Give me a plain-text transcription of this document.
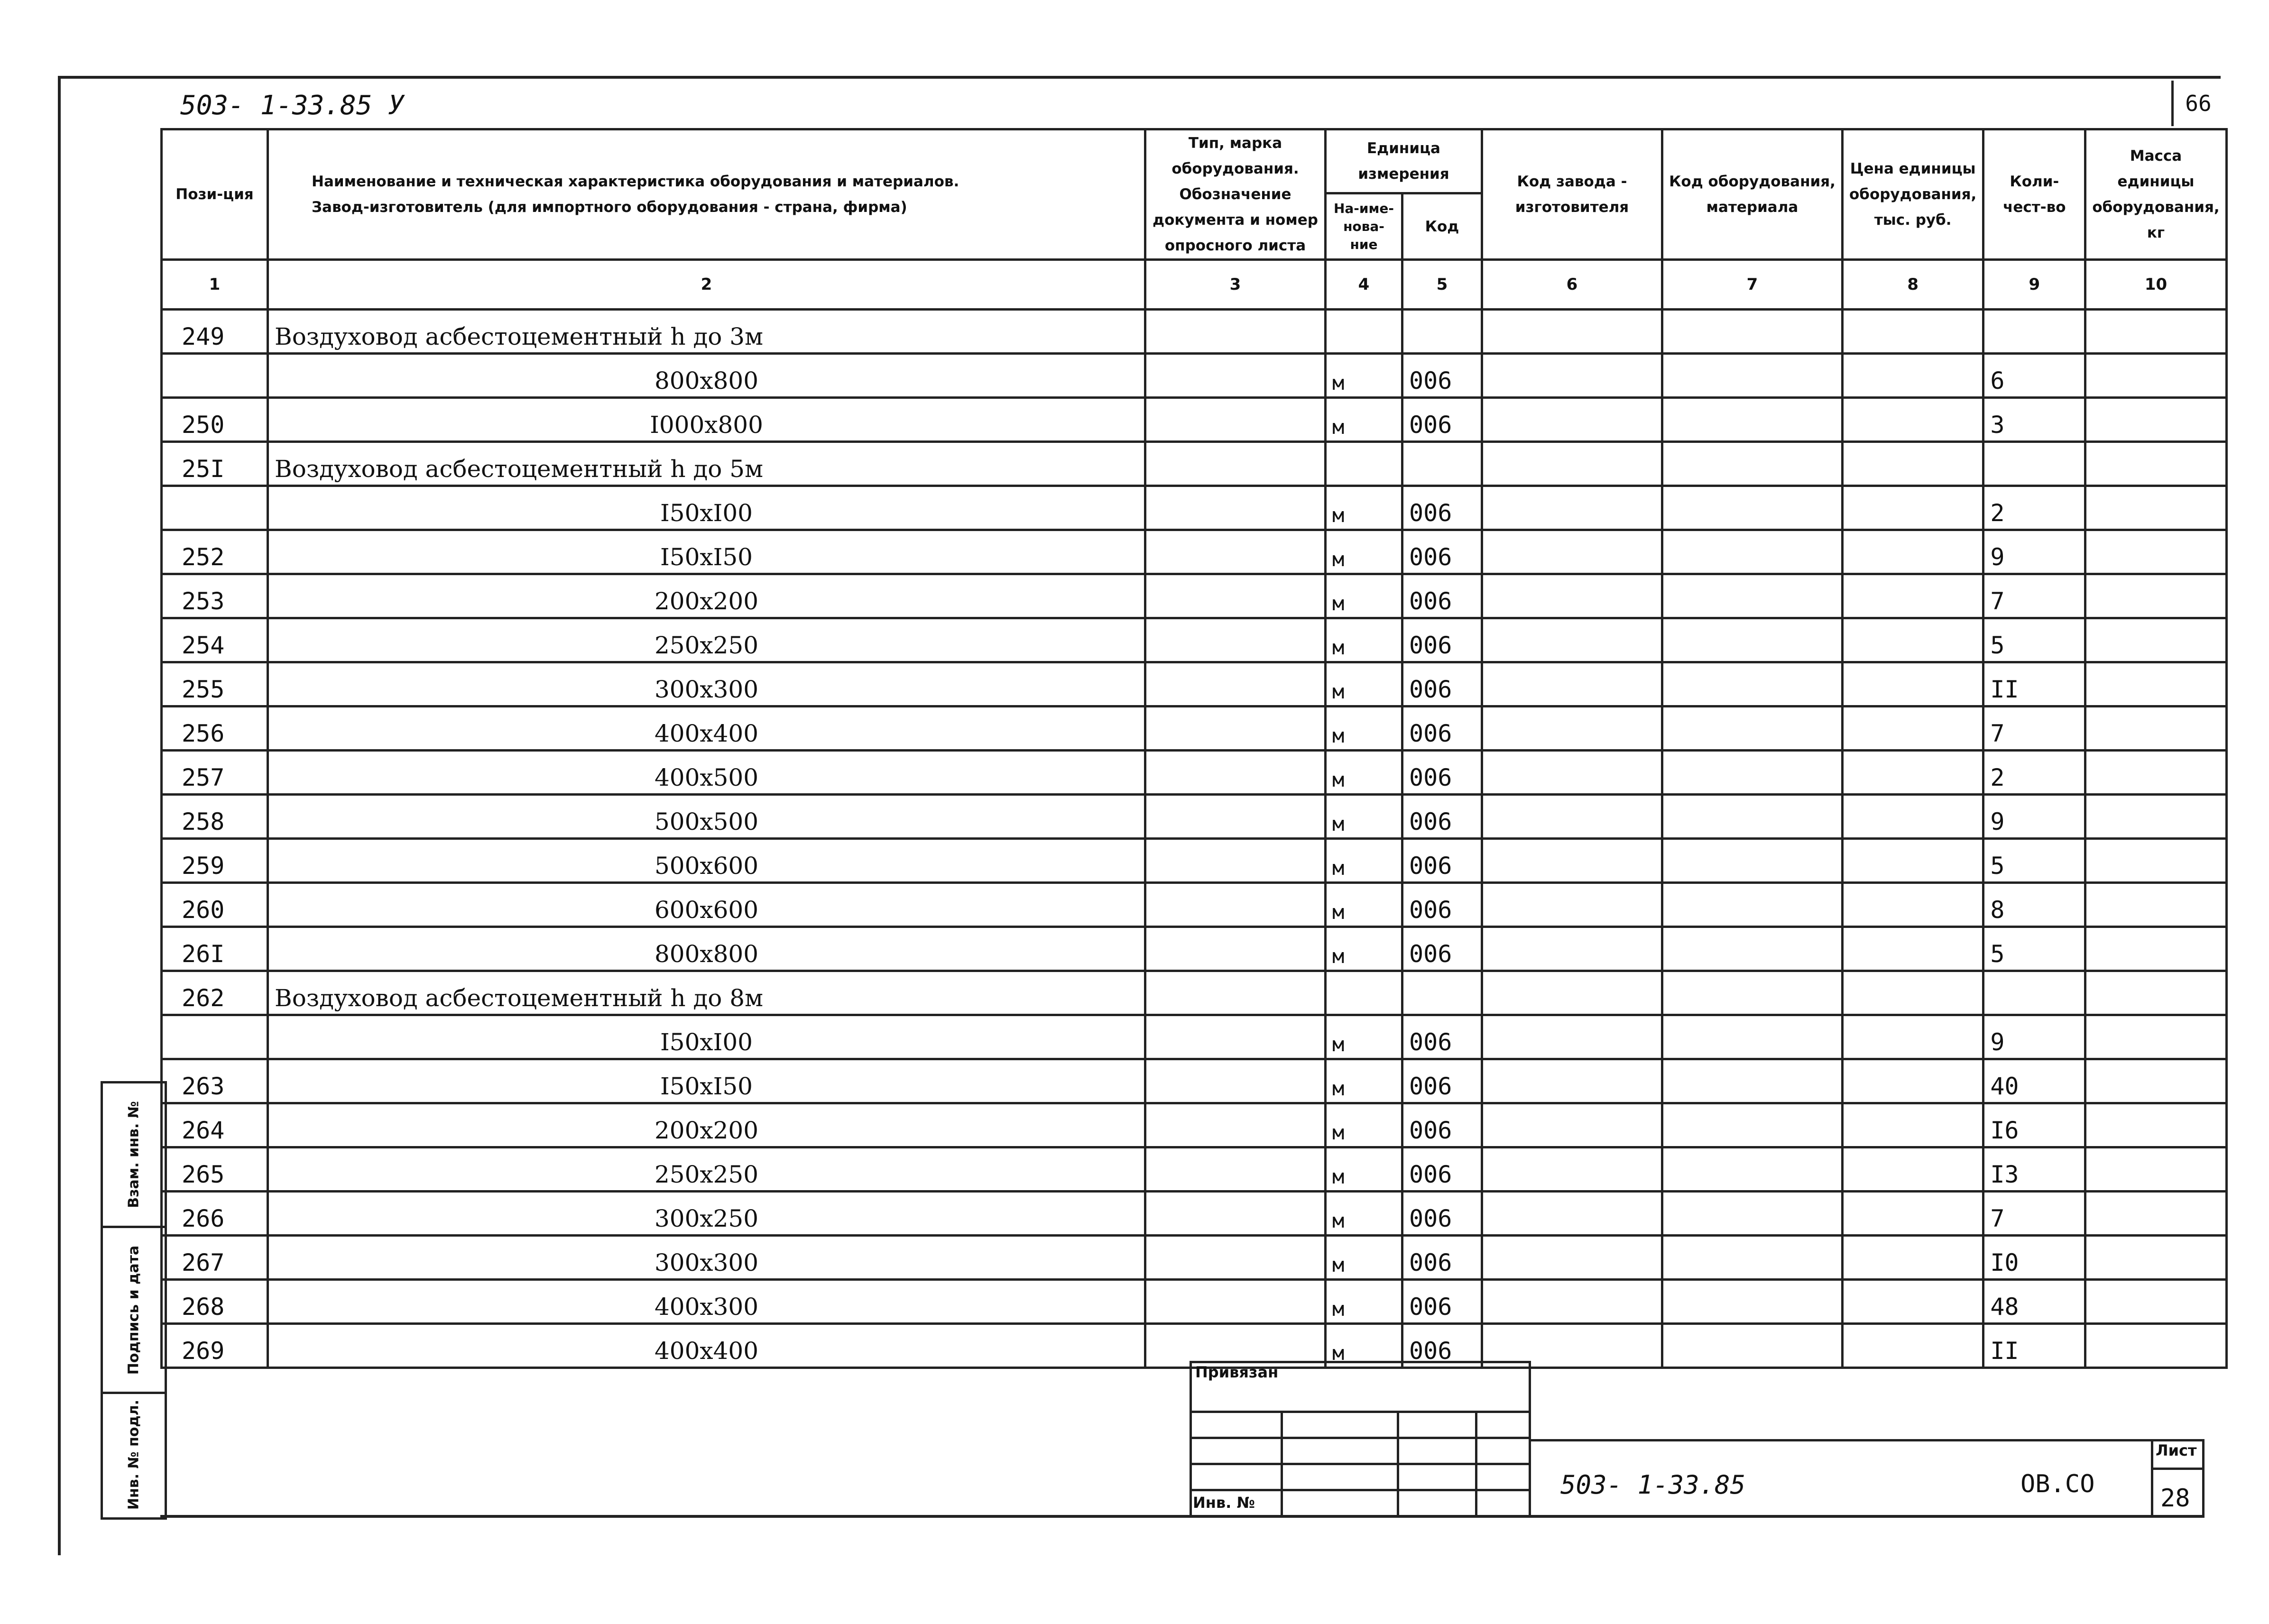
503- 1-33.85 У	66
Пози-ция	Наименование и техническая характеристика оборудования и материалов.
Завод-изготовитель (для импортного оборудования - страна, фирма)	Тип, марка оборудования. Обозначение документа и номер опросного листа	Единица измерения		Код завода - изготовителя	Код оборудования, материала	Цена единицы оборудования, тыс. руб.	Коли-чест-во	Масса единицы оборудования, кг
			На-име-нова-ние	Код					
1	2	3	4	5	6	7	8	9	10
249	Воздуховод асбестоцементный h до 3м								
	800x800		м	006				6	
250	I000x800		м	006				3	
25I	Воздуховод асбестоцементный h до 5м								
	I50xI00		м	006				2	
252	I50xI50		м	006				9	
253	200x200		м	006				7	
254	250x250		м	006				5	
255	300x300		м	006				II	
256	400x400		м	006				7	
257	400x500		м	006				2	
258	500x500		м	006				9	
259	500x600		м	006				5	
260	600x600		м	006				8	
26I	800x800		м	006				5	
262	Воздуховод асбестоцементный h до 8м								
	I50xI00		м	006				9	
263	I50xI50		м	006				40	
264	200x200		м	006				I6	
265	250x250		м	006				I3	
266	300x250		м	006				7	
267	300x300		м	006				I0	
268	400x300		м	006				48	
269	400x400		м	006				II	
Взам. инв. №
Подпись и дата
Инв. № подл.
Привязан
Инв. №
503- 1-33.85	ОВ.СО
Лист
28
